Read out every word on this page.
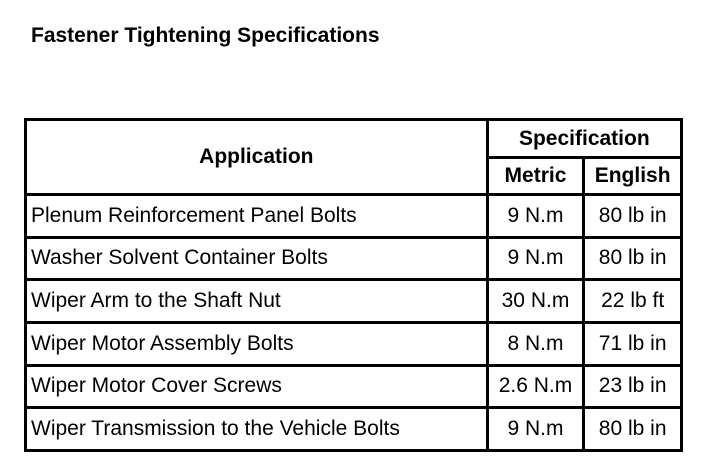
Fastener Tightening Specifications
Application	Specification	
	Metric	English
Plenum Reinforcement Panel Bolts	9 N.m	80 lb in
Washer Solvent Container Bolts	9 N.m	80 lb in
Wiper Arm to the Shaft Nut	30 N.m	22 lb ft
Wiper Motor Assembly Bolts	8 N.m	71 lb in
Wiper Motor Cover Screws	2.6 N.m	23 lb in
Wiper Transmission to the Vehicle Bolts	9 N.m	80 lb in
